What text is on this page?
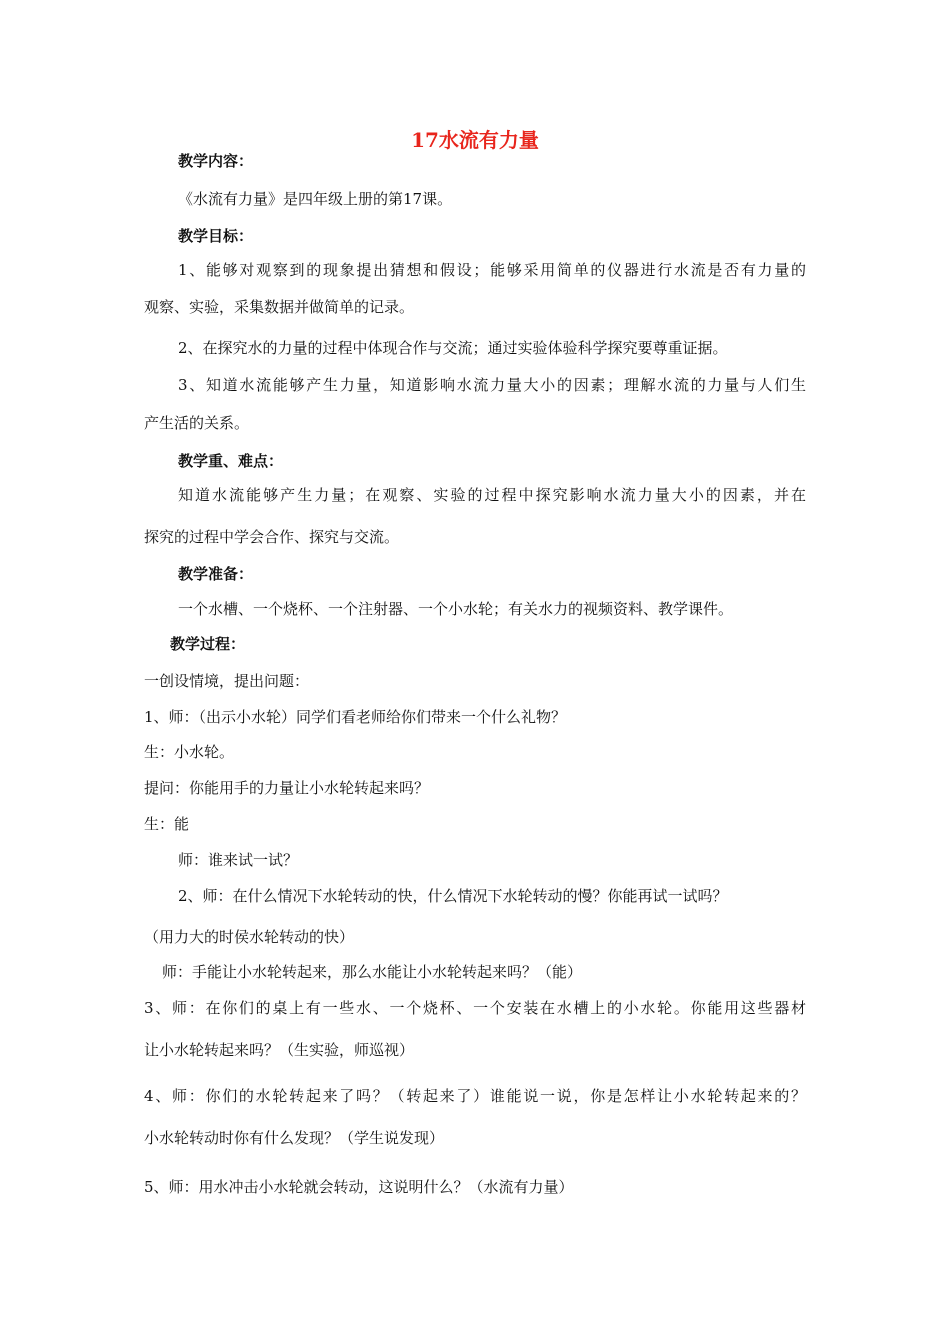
17水流有力量

教学内容：

《水流有力量》是四年级上册的第17课。

教学目标：

1、能够对观察到的现象提出猜想和假设；能够采用简单的仪器进行水流是否有力量的

观察、实验，采集数据并做简单的记录。

2、在探究水的力量的过程中体现合作与交流；通过实验体验科学探究要尊重证据。

3、知道水流能够产生力量，知道影响水流力量大小的因素；理解水流的力量与人们生

产生活的关系。

教学重、难点：

知道水流能够产生力量；在观察、实验的过程中探究影响水流力量大小的因素，并在

探究的过程中学会合作、探究与交流。

教学准备：

一个水槽、一个烧杯、一个注射器、一个小水轮；有关水力的视频资料、教学课件。

教学过程：

一创设情境，提出问题：

1、师：（出示小水轮）同学们看老师给你们带来一个什么礼物？

生：小水轮。

提问：你能用手的力量让小水轮转起来吗？

生：能

师：谁来试一试？

2、师：在什么情况下水轮转动的快，什么情况下水轮转动的慢？你能再试一试吗？

（用力大的时侯水轮转动的快）

师：手能让小水轮转起来，那么水能让小水轮转起来吗？（能）

3、师：在你们的桌上有一些水、一个烧杯、一个安装在水槽上的小水轮。你能用这些器材

让小水轮转起来吗？（生实验，师巡视）

4、师：你们的水轮转起来了吗？（转起来了）谁能说一说，你是怎样让小水轮转起来的？

小水轮转动时你有什么发现？（学生说发现）

5、师：用水冲击小水轮就会转动，这说明什么？（水流有力量）
